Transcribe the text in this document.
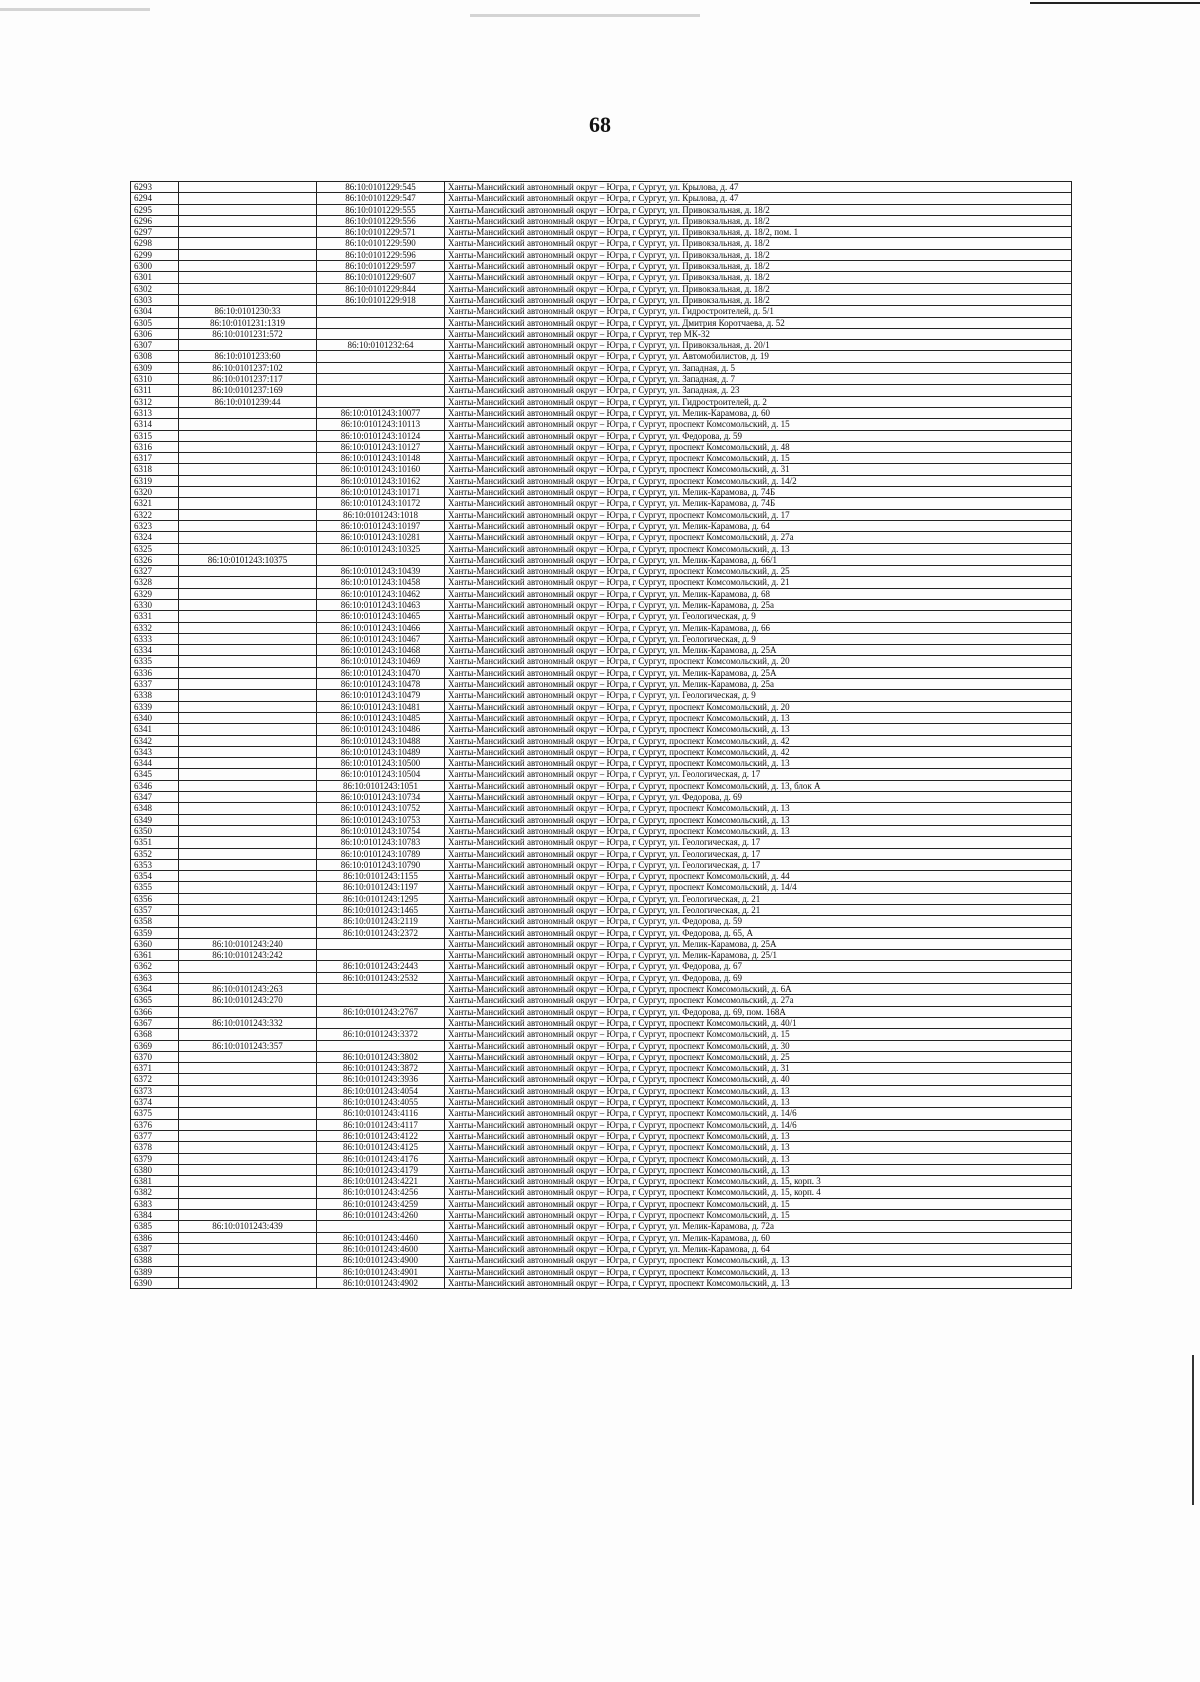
68
6293		86:10:0101229:545	Ханты-Мансийский автономный округ – Югра, г Сургут, ул. Крылова, д. 47
6294		86:10:0101229:547	Ханты-Мансийский автономный округ – Югра, г Сургут, ул. Крылова, д. 47
6295		86:10:0101229:555	Ханты-Мансийский автономный округ – Югра, г Сургут, ул. Привокзальная, д. 18/2
6296		86:10:0101229:556	Ханты-Мансийский автономный округ – Югра, г Сургут, ул. Привокзальная, д. 18/2
6297		86:10:0101229:571	Ханты-Мансийский автономный округ – Югра, г Сургут, ул. Привокзальная, д. 18/2, пом. 1
6298		86:10:0101229:590	Ханты-Мансийский автономный округ – Югра, г Сургут, ул. Привокзальная, д. 18/2
6299		86:10:0101229:596	Ханты-Мансийский автономный округ – Югра, г Сургут, ул. Привокзальная, д. 18/2
6300		86:10:0101229:597	Ханты-Мансийский автономный округ – Югра, г Сургут, ул. Привокзальная, д. 18/2
6301		86:10:0101229:607	Ханты-Мансийский автономный округ – Югра, г Сургут, ул. Привокзальная, д. 18/2
6302		86:10:0101229:844	Ханты-Мансийский автономный округ – Югра, г Сургут, ул. Привокзальная, д. 18/2
6303		86:10:0101229:918	Ханты-Мансийский автономный округ – Югра, г Сургут, ул. Привокзальная, д. 18/2
6304	86:10:0101230:33		Ханты-Мансийский автономный округ – Югра, г Сургут, ул. Гидростроителей, д. 5/1
6305	86:10:0101231:1319		Ханты-Мансийский автономный округ – Югра, г Сургут, ул. Дмитрия Коротчаева, д. 52
6306	86:10:0101231:572		Ханты-Мансийский автономный округ – Югра, г Сургут, тер МК-32
6307		86:10:0101232:64	Ханты-Мансийский автономный округ – Югра, г Сургут, ул. Привокзальная, д. 20/1
6308	86:10:0101233:60		Ханты-Мансийский автономный округ – Югра, г Сургут, ул. Автомобилистов, д. 19
6309	86:10:0101237:102		Ханты-Мансийский автономный округ – Югра, г Сургут, ул. Западная, д. 5
6310	86:10:0101237:117		Ханты-Мансийский автономный округ – Югра, г Сургут, ул. Западная, д. 7
6311	86:10:0101237:169		Ханты-Мансийский автономный округ – Югра, г Сургут, ул. Западная, д. 23
6312	86:10:0101239:44		Ханты-Мансийский автономный округ – Югра, г Сургут, ул. Гидростроителей, д. 2
6313		86:10:0101243:10077	Ханты-Мансийский автономный округ – Югра, г Сургут, ул. Мелик-Карамова, д. 60
6314		86:10:0101243:10113	Ханты-Мансийский автономный округ – Югра, г Сургут, проспект Комсомольский, д. 15
6315		86:10:0101243:10124	Ханты-Мансийский автономный округ – Югра, г Сургут, ул. Федорова, д. 59
6316		86:10:0101243:10127	Ханты-Мансийский автономный округ – Югра, г Сургут, проспект Комсомольский, д. 48
6317		86:10:0101243:10148	Ханты-Мансийский автономный округ – Югра, г Сургут, проспект Комсомольский, д. 15
6318		86:10:0101243:10160	Ханты-Мансийский автономный округ – Югра, г Сургут, проспект Комсомольский, д. 31
6319		86:10:0101243:10162	Ханты-Мансийский автономный округ – Югра, г Сургут, проспект Комсомольский, д. 14/2
6320		86:10:0101243:10171	Ханты-Мансийский автономный округ – Югра, г Сургут, ул. Мелик-Карамова, д. 74Б
6321		86:10:0101243:10172	Ханты-Мансийский автономный округ – Югра, г Сургут, ул. Мелик-Карамова, д. 74Б
6322		86:10:0101243:1018	Ханты-Мансийский автономный округ – Югра, г Сургут, проспект Комсомольский, д. 17
6323		86:10:0101243:10197	Ханты-Мансийский автономный округ – Югра, г Сургут, ул. Мелик-Карамова, д. 64
6324		86:10:0101243:10281	Ханты-Мансийский автономный округ – Югра, г Сургут, проспект Комсомольский, д. 27а
6325		86:10:0101243:10325	Ханты-Мансийский автономный округ – Югра, г Сургут, проспект Комсомольский, д. 13
6326	86:10:0101243:10375		Ханты-Мансийский автономный округ – Югра, г Сургут, ул. Мелик-Карамова, д. 66/1
6327		86:10:0101243:10439	Ханты-Мансийский автономный округ – Югра, г Сургут, проспект Комсомольский, д. 25
6328		86:10:0101243:10458	Ханты-Мансийский автономный округ – Югра, г Сургут, проспект Комсомольский, д. 21
6329		86:10:0101243:10462	Ханты-Мансийский автономный округ – Югра, г Сургут, ул. Мелик-Карамова, д. 68
6330		86:10:0101243:10463	Ханты-Мансийский автономный округ – Югра, г Сургут, ул. Мелик-Карамова, д. 25а
6331		86:10:0101243:10465	Ханты-Мансийский автономный округ – Югра, г Сургут, ул. Геологическая, д. 9
6332		86:10:0101243:10466	Ханты-Мансийский автономный округ – Югра, г Сургут, ул. Мелик-Карамова, д. 66
6333		86:10:0101243:10467	Ханты-Мансийский автономный округ – Югра, г Сургут, ул. Геологическая, д. 9
6334		86:10:0101243:10468	Ханты-Мансийский автономный округ – Югра, г Сургут, ул. Мелик-Карамова, д. 25А
6335		86:10:0101243:10469	Ханты-Мансийский автономный округ – Югра, г Сургут, проспект Комсомольский, д. 20
6336		86:10:0101243:10470	Ханты-Мансийский автономный округ – Югра, г Сургут, ул. Мелик-Карамова, д. 25А
6337		86:10:0101243:10478	Ханты-Мансийский автономный округ – Югра, г Сургут, ул. Мелик-Карамова, д. 25а
6338		86:10:0101243:10479	Ханты-Мансийский автономный округ – Югра, г Сургут, ул. Геологическая, д. 9
6339		86:10:0101243:10481	Ханты-Мансийский автономный округ – Югра, г Сургут, проспект Комсомольский, д. 20
6340		86:10:0101243:10485	Ханты-Мансийский автономный округ – Югра, г Сургут, проспект Комсомольский, д. 13
6341		86:10:0101243:10486	Ханты-Мансийский автономный округ – Югра, г Сургут, проспект Комсомольский, д. 13
6342		86:10:0101243:10488	Ханты-Мансийский автономный округ – Югра, г Сургут, проспект Комсомольский, д. 42
6343		86:10:0101243:10489	Ханты-Мансийский автономный округ – Югра, г Сургут, проспект Комсомольский, д. 42
6344		86:10:0101243:10500	Ханты-Мансийский автономный округ – Югра, г Сургут, проспект Комсомольский, д. 13
6345		86:10:0101243:10504	Ханты-Мансийский автономный округ – Югра, г Сургут, ул. Геологическая, д. 17
6346		86:10:0101243:1051	Ханты-Мансийский автономный округ – Югра, г Сургут, проспект Комсомольский, д. 13, блок А
6347		86:10:0101243:10734	Ханты-Мансийский автономный округ – Югра, г Сургут, ул. Федорова, д. 69
6348		86:10:0101243:10752	Ханты-Мансийский автономный округ – Югра, г Сургут, проспект Комсомольский, д. 13
6349		86:10:0101243:10753	Ханты-Мансийский автономный округ – Югра, г Сургут, проспект Комсомольский, д. 13
6350		86:10:0101243:10754	Ханты-Мансийский автономный округ – Югра, г Сургут, проспект Комсомольский, д. 13
6351		86:10:0101243:10783	Ханты-Мансийский автономный округ – Югра, г Сургут, ул. Геологическая, д. 17
6352		86:10:0101243:10789	Ханты-Мансийский автономный округ – Югра, г Сургут, ул. Геологическая, д. 17
6353		86:10:0101243:10790	Ханты-Мансийский автономный округ – Югра, г Сургут, ул. Геологическая, д. 17
6354		86:10:0101243:1155	Ханты-Мансийский автономный округ – Югра, г Сургут, проспект Комсомольский, д. 44
6355		86:10:0101243:1197	Ханты-Мансийский автономный округ – Югра, г Сургут, проспект Комсомольский, д. 14/4
6356		86:10:0101243:1295	Ханты-Мансийский автономный округ – Югра, г Сургут, ул. Геологическая, д. 21
6357		86:10:0101243:1465	Ханты-Мансийский автономный округ – Югра, г Сургут, ул. Геологическая, д. 21
6358		86:10:0101243:2119	Ханты-Мансийский автономный округ – Югра, г Сургут, ул. Федорова, д. 59
6359		86:10:0101243:2372	Ханты-Мансийский автономный округ – Югра, г Сургут, ул. Федорова, д. 65, А
6360	86:10:0101243:240		Ханты-Мансийский автономный округ – Югра, г Сургут, ул. Мелик-Карамова, д. 25А
6361	86:10:0101243:242		Ханты-Мансийский автономный округ – Югра, г Сургут, ул. Мелик-Карамова, д. 25/1
6362		86:10:0101243:2443	Ханты-Мансийский автономный округ – Югра, г Сургут, ул. Федорова, д. 67
6363		86:10:0101243:2532	Ханты-Мансийский автономный округ – Югра, г Сургут, ул. Федорова, д. 69
6364	86:10:0101243:263		Ханты-Мансийский автономный округ – Югра, г Сургут, проспект Комсомольский, д. 6А
6365	86:10:0101243:270		Ханты-Мансийский автономный округ – Югра, г Сургут, проспект Комсомольский, д. 27а
6366		86:10:0101243:2767	Ханты-Мансийский автономный округ – Югра, г Сургут, ул. Федорова, д. 69, пом. 168А
6367	86:10:0101243:332		Ханты-Мансийский автономный округ – Югра, г Сургут, проспект Комсомольский, д. 40/1
6368		86:10:0101243:3372	Ханты-Мансийский автономный округ – Югра, г Сургут, проспект Комсомольский, д. 15
6369	86:10:0101243:357		Ханты-Мансийский автономный округ – Югра, г Сургут, проспект Комсомольский, д. 30
6370		86:10:0101243:3802	Ханты-Мансийский автономный округ – Югра, г Сургут, проспект Комсомольский, д. 25
6371		86:10:0101243:3872	Ханты-Мансийский автономный округ – Югра, г Сургут, проспект Комсомольский, д. 31
6372		86:10:0101243:3936	Ханты-Мансийский автономный округ – Югра, г Сургут, проспект Комсомольский, д. 40
6373		86:10:0101243:4054	Ханты-Мансийский автономный округ – Югра, г Сургут, проспект Комсомольский, д. 13
6374		86:10:0101243:4055	Ханты-Мансийский автономный округ – Югра, г Сургут, проспект Комсомольский, д. 13
6375		86:10:0101243:4116	Ханты-Мансийский автономный округ – Югра, г Сургут, проспект Комсомольский, д. 14/6
6376		86:10:0101243:4117	Ханты-Мансийский автономный округ – Югра, г Сургут, проспект Комсомольский, д. 14/6
6377		86:10:0101243:4122	Ханты-Мансийский автономный округ – Югра, г Сургут, проспект Комсомольский, д. 13
6378		86:10:0101243:4125	Ханты-Мансийский автономный округ – Югра, г Сургут, проспект Комсомольский, д. 13
6379		86:10:0101243:4176	Ханты-Мансийский автономный округ – Югра, г Сургут, проспект Комсомольский, д. 13
6380		86:10:0101243:4179	Ханты-Мансийский автономный округ – Югра, г Сургут, проспект Комсомольский, д. 13
6381		86:10:0101243:4221	Ханты-Мансийский автономный округ – Югра, г Сургут, проспект Комсомольский, д. 15, корп. 3
6382		86:10:0101243:4256	Ханты-Мансийский автономный округ – Югра, г Сургут, проспект Комсомольский, д. 15, корп. 4
6383		86:10:0101243:4259	Ханты-Мансийский автономный округ – Югра, г Сургут, проспект Комсомольский, д. 15
6384		86:10:0101243:4260	Ханты-Мансийский автономный округ – Югра, г Сургут, проспект Комсомольский, д. 15
6385	86:10:0101243:439		Ханты-Мансийский автономный округ – Югра, г Сургут, ул. Мелик-Карамова, д. 72а
6386		86:10:0101243:4460	Ханты-Мансийский автономный округ – Югра, г Сургут, ул. Мелик-Карамова, д. 60
6387		86:10:0101243:4600	Ханты-Мансийский автономный округ – Югра, г Сургут, ул. Мелик-Карамова, д. 64
6388		86:10:0101243:4900	Ханты-Мансийский автономный округ – Югра, г Сургут, проспект Комсомольский, д. 13
6389		86:10:0101243:4901	Ханты-Мансийский автономный округ – Югра, г Сургут, проспект Комсомольский, д. 13
6390		86:10:0101243:4902	Ханты-Мансийский автономный округ – Югра, г Сургут, проспект Комсомольский, д. 13
